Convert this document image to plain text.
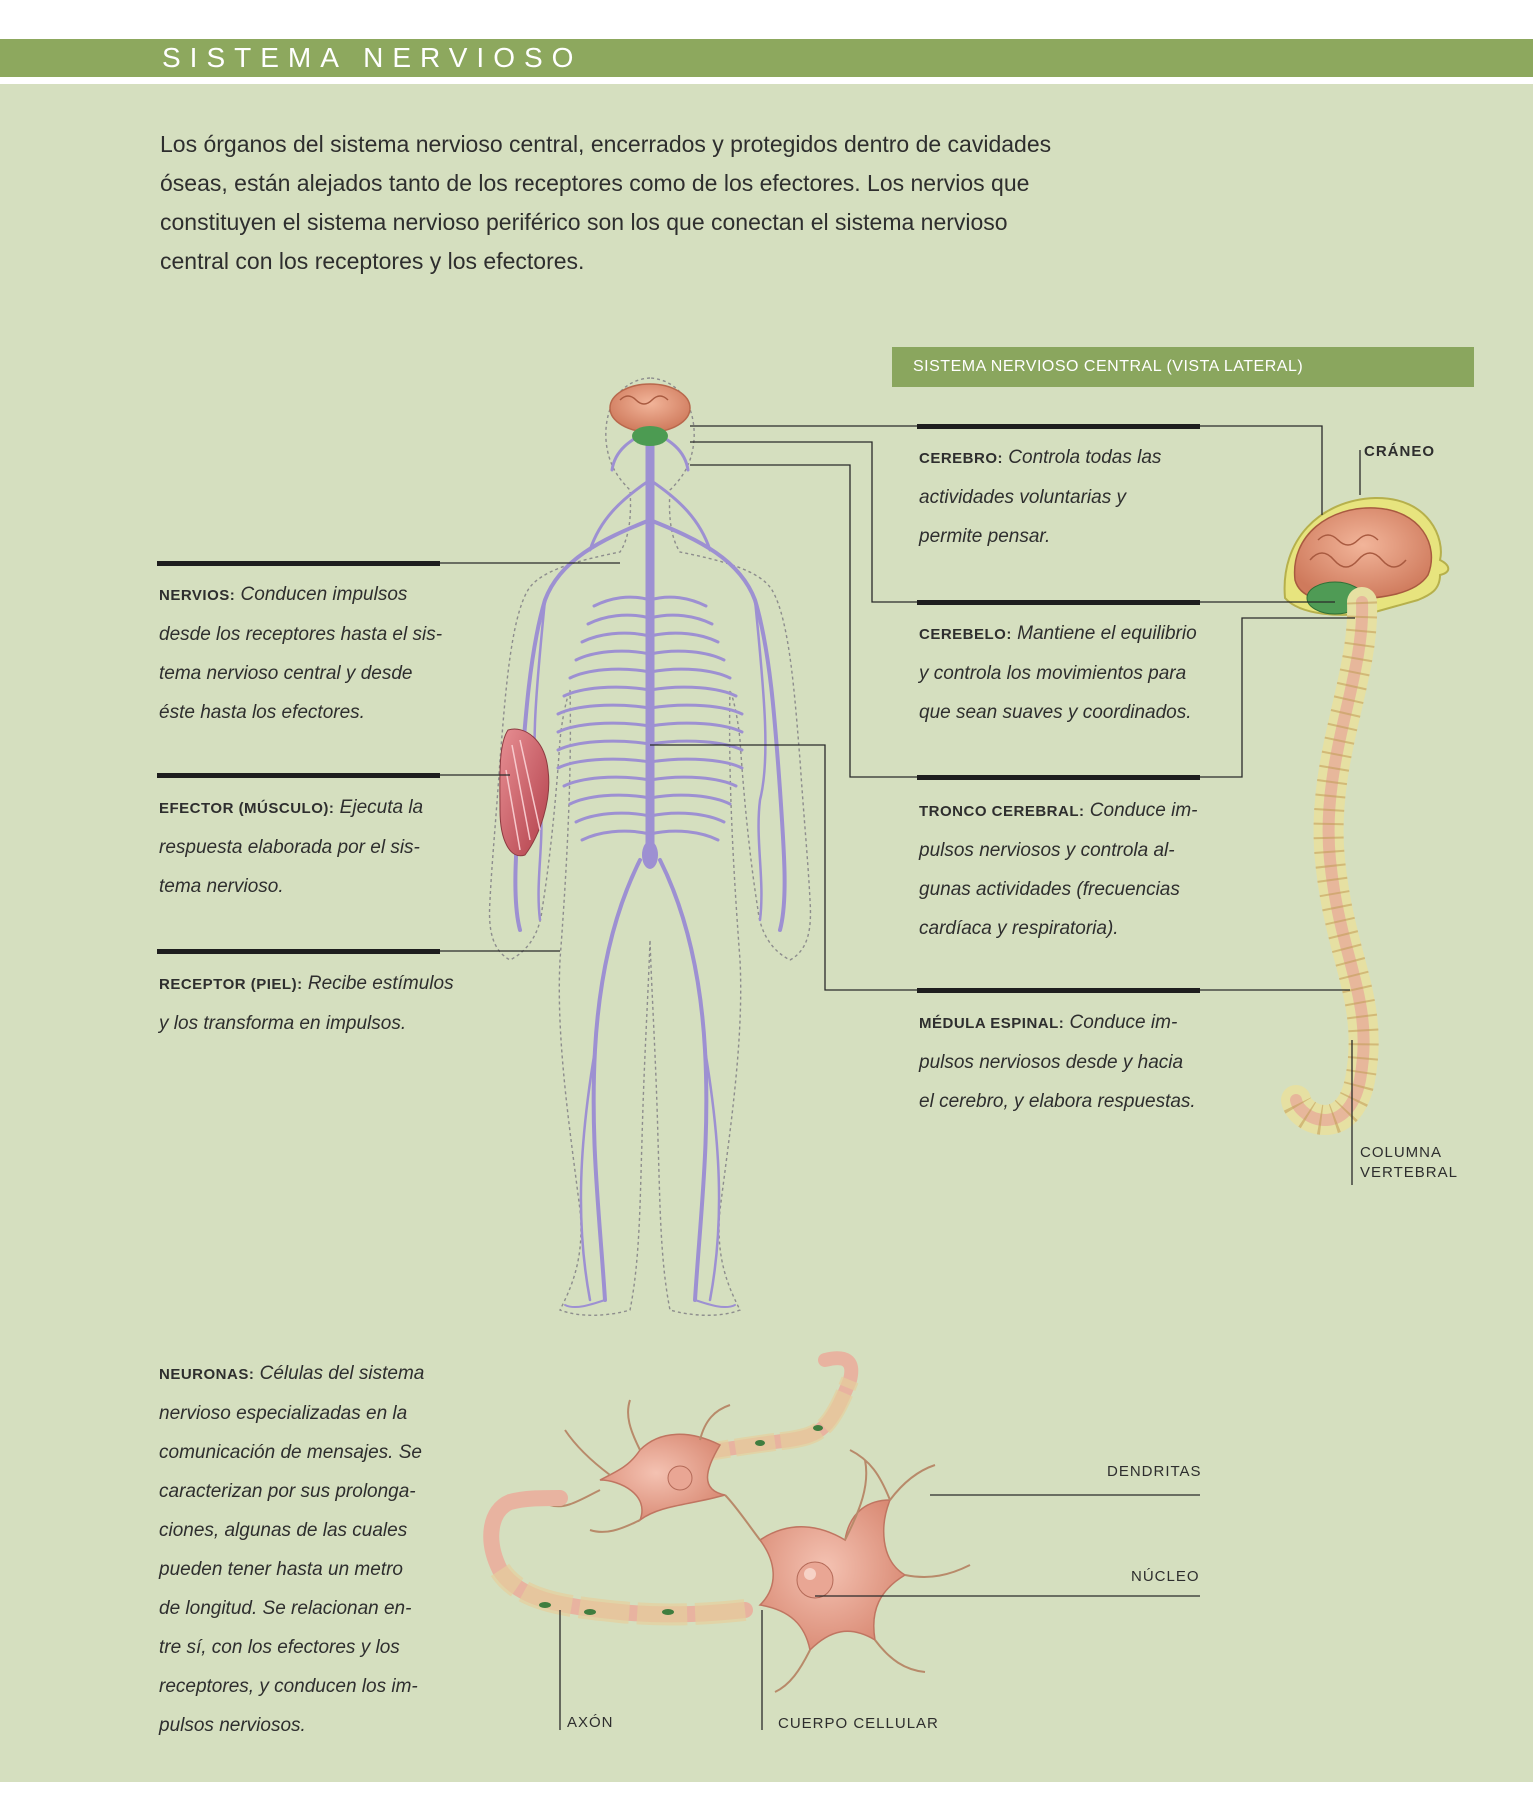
SISTEMA NERVIOSO
Los órganos del sistema nervioso central, encerrados y protegidos dentro de cavidades
óseas, están alejados tanto de los receptores como de los efectores. Los nervios que
constituyen el sistema nervioso periférico son los que conectan el sistema nervioso
central con los receptores y los efectores.
SISTEMA NERVIOSO CENTRAL (VISTA LATERAL)
NERVIOS: Conducen impulsos
desde los receptores hasta el sis-
tema nervioso central y desde
éste hasta los efectores.
EFECTOR (MÚSCULO): Ejecuta la
respuesta elaborada por el sis-
tema nervioso.
RECEPTOR (PIEL): Recibe estímulos
y los transforma en impulsos.
NEURONAS: Células del sistema
nervioso especializadas en la
comunicación de mensajes. Se
caracterizan por sus prolonga-
ciones, algunas de las cuales
pueden tener hasta un metro
de longitud. Se relacionan en-
tre sí, con los efectores y los
receptores, y conducen los im-
pulsos nerviosos.
CEREBRO: Controla todas las
actividades voluntarias y
permite pensar.
CEREBELO: Mantiene el equilibrio
y controla los movimientos para
que sean suaves y coordinados.
TRONCO CEREBRAL: Conduce im-
pulsos nerviosos y controla al-
gunas actividades (frecuencias
cardíaca y respiratoria).
MÉDULA ESPINAL: Conduce im-
pulsos nerviosos desde y hacia
el cerebro, y elabora respuestas.
CRÁNEO
COLUMNA
VERTEBRAL
DENDRITAS
NÚCLEO
AXÓN	CUERPO CELLULAR
